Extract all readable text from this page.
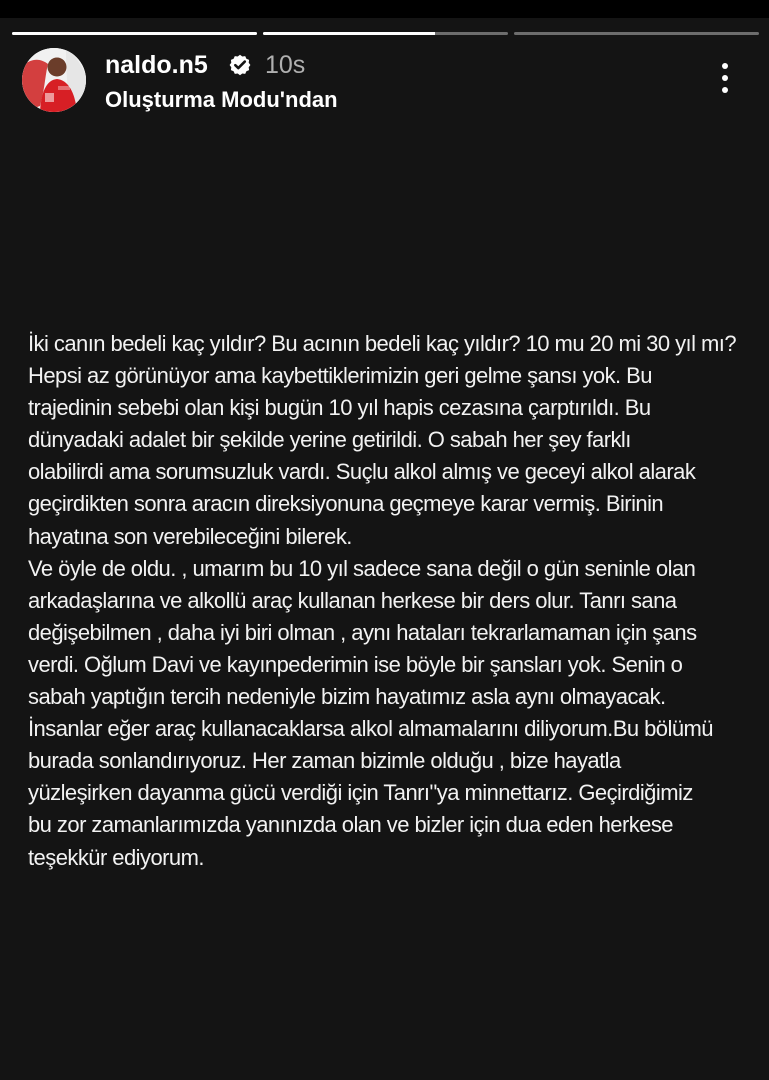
naldo.n5 10s
Oluşturma Modu'ndan
İki canın bedeli kaç yıldır? Bu acının bedeli kaç yıldır? 10 mu 20 mi 30 yıl mı?
Hepsi az görünüyor ama kaybettiklerimizin geri gelme şansı yok. Bu
trajedinin sebebi olan kişi bugün 10 yıl hapis cezasına çarptırıldı. Bu
dünyadaki adalet bir şekilde yerine getirildi. O sabah her şey farklı
olabilirdi ama sorumsuzluk vardı. Suçlu alkol almış ve geceyi alkol alarak
geçirdikten sonra aracın direksiyonuna geçmeye karar vermiş. Birinin
hayatına son verebileceğini bilerek.
Ve öyle de oldu. , umarım bu 10 yıl sadece sana değil o gün seninle olan
arkadaşlarına ve alkollü araç kullanan herkese bir ders olur. Tanrı sana
değişebilmen , daha iyi biri olman , aynı hataları tekrarlamaman için şans
verdi. Oğlum Davi ve kayınpederimin ise böyle bir şansları yok. Senin o
sabah yaptığın tercih nedeniyle bizim hayatımız asla aynı olmayacak.
İnsanlar eğer araç kullanacaklarsa alkol almamalarını diliyorum.Bu bölümü
burada sonlandırıyoruz. Her zaman bizimle olduğu , bize hayatla
yüzleşirken dayanma gücü verdiği için Tanrı"ya minnettarız. Geçirdiğimiz
bu zor zamanlarımızda yanınızda olan ve bizler için dua eden herkese
teşekkür ediyorum.
